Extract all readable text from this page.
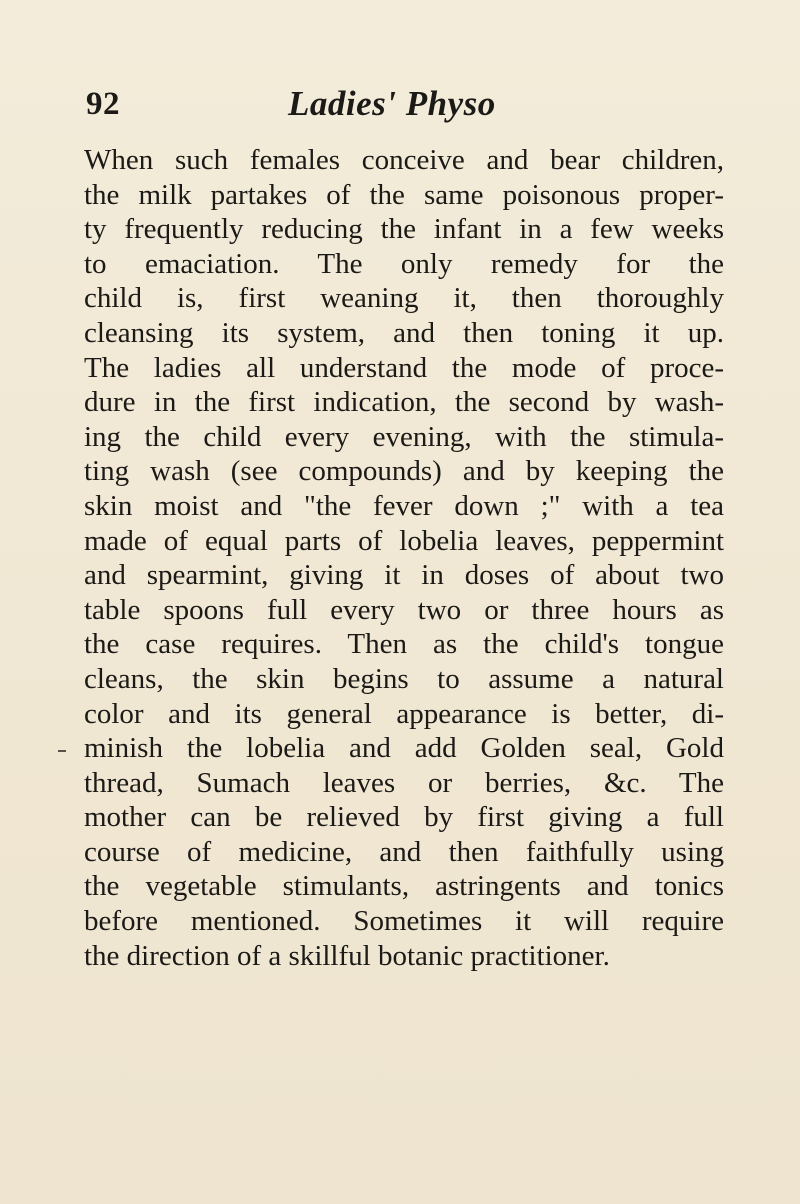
92	Ladies' Physo
When such females conceive and bear children,
the milk partakes of the same poisonous proper-
ty frequently reducing the infant in a few weeks
to emaciation. The only remedy for the
child is, first weaning it, then thoroughly
cleansing its system, and then toning it up.
The ladies all understand the mode of proce-
dure in the first indication, the second by wash-
ing the child every evening, with the stimula-
ting wash (see compounds) and by keeping the
skin moist and "the fever down ;" with a tea
made of equal parts of lobelia leaves, peppermint
and spearmint, giving it in doses of about two
table spoons full every two or three hours as
the case requires. Then as the child's tongue
cleans, the skin begins to assume a natural
color and its general appearance is better, di-
minish the lobelia and add Golden seal, Gold
thread, Sumach leaves or berries, &c. The
mother can be relieved by first giving a full
course of medicine, and then faithfully using
the vegetable stimulants, astringents and tonics
before mentioned. Sometimes it will require
the direction of a skillful botanic practitioner.
